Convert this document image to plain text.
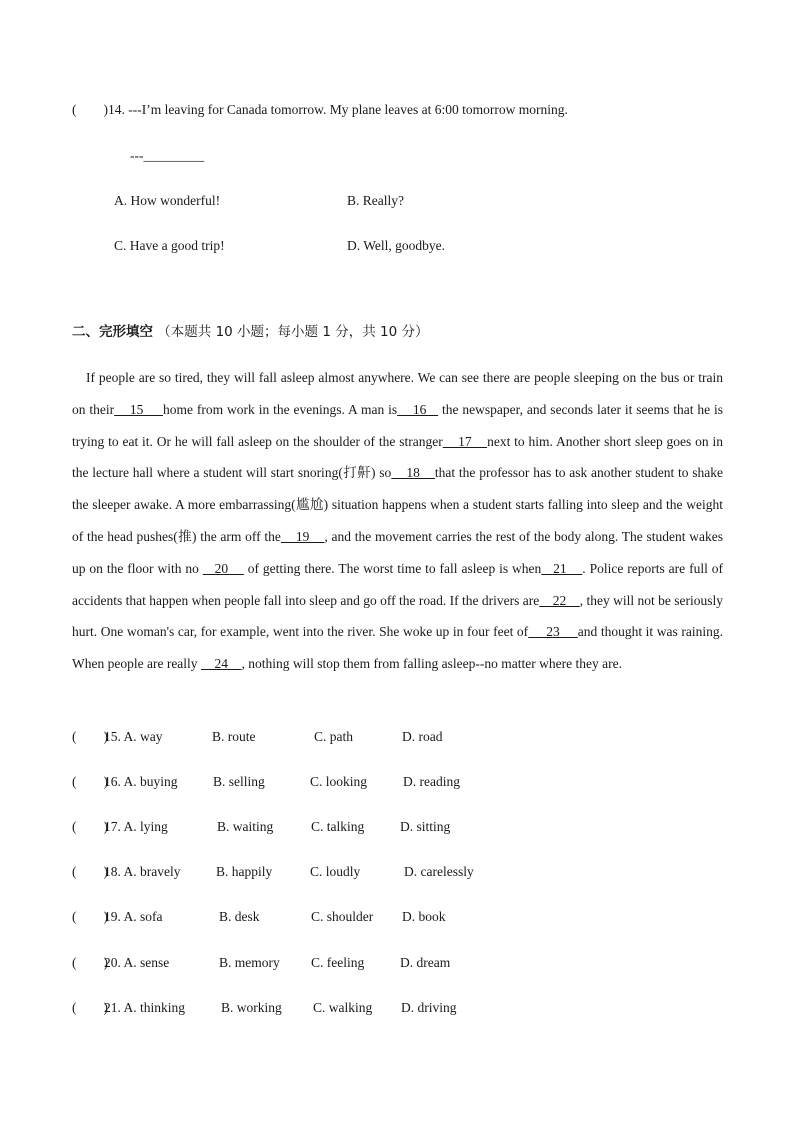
(        )14. ---I’m leaving for Canada tomorrow. My plane leaves at 6:00 tomorrow morning.
---_________
A. How wonderful!	B. Really?
C. Have a good trip!	D. Well, goodbye.
二、完形填空 （本题共 10 小题；每小题 1 分，共 10 分）

If people are so tired, they will fall asleep almost anywhere. We can see there are people sleeping on the bus or train on their    15     home from work in the evenings. A man is    16    the newspaper, and seconds later it seems that he is trying to eat it. Or he will fall asleep on the shoulder of the stranger    17    next to him. Another short sleep goes on in the lecture hall where a student will start snoring(打鼾) so    18    that the professor has to ask another student to shake the sleeper awake. A more embarrassing(尴尬) situation happens when a student starts falling into sleep and the weight of the head pushes(推) the arm off the    19    , and the movement carries the rest of the body along. The student wakes up on the floor with no    20     of getting there. The worst time to fall asleep is when   21    . Police reports are full of accidents that happen when people fall into sleep and go off the road. If the drivers are    22    , they will not be seriously hurt. One woman's car, for example, went into the river. She woke up in four feet of     23     and thought it was raining. When people are really     24    , nothing will stop them from falling asleep--no matter where they are.

(        )
15. A. way	B. route	C. path	D. road
(        )
16. A. buying	B. selling	C. looking	D. reading
(        )
17. A. lying	B. waiting	C. talking	D. sitting
(        )
18. A. bravely	B. happily	C. loudly	D. carelessly
(        )
19. A. sofa	B. desk	C. shoulder D. book
(        )
20. A. sense	B. memory C. feeling	D. dream
(        )
21. A. thinking	B. working C. walking D. driving
